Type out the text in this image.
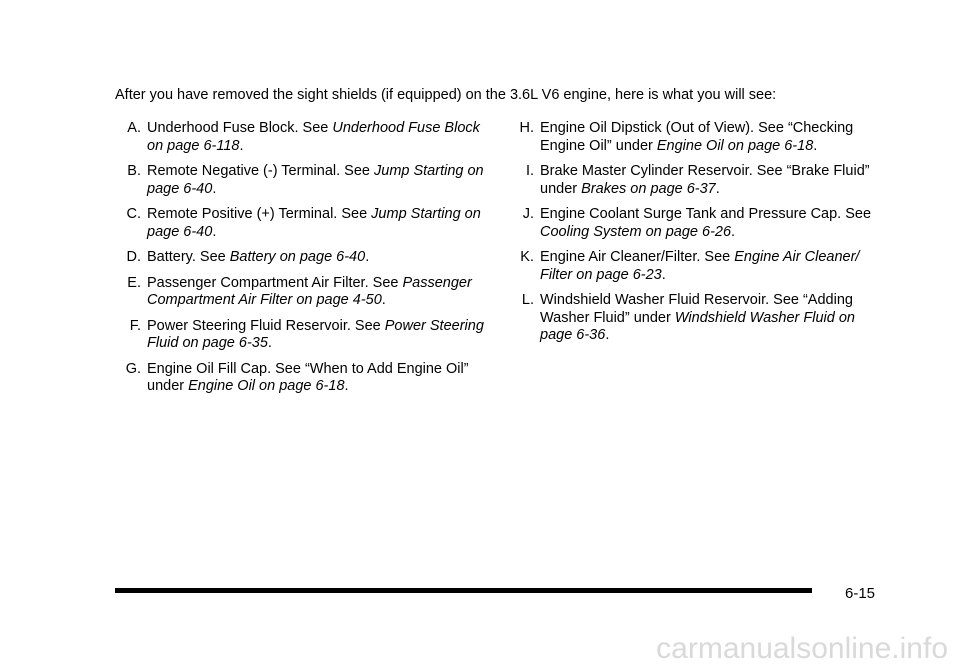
After you have removed the sight shields (if equipped) on the 3.6L V6 engine, here is what you will see:
A. Underhood Fuse Block. See Underhood Fuse Block on page 6‑118.
B. Remote Negative (-) Terminal. See Jump Starting on page 6‑40.
C. Remote Positive (+) Terminal. See Jump Starting on page 6‑40.
D. Battery. See Battery on page 6‑40.
E. Passenger Compartment Air Filter. See Passenger Compartment Air Filter on page 4‑50.
F. Power Steering Fluid Reservoir. See Power Steering Fluid on page 6‑35.
G. Engine Oil Fill Cap. See “When to Add Engine Oil” under Engine Oil on page 6‑18.
H. Engine Oil Dipstick (Out of View). See “Checking Engine Oil” under Engine Oil on page 6‑18.
I. Brake Master Cylinder Reservoir. See “Brake Fluid” under Brakes on page 6‑37.
J. Engine Coolant Surge Tank and Pressure Cap. See Cooling System on page 6‑26.
K. Engine Air Cleaner/Filter. See Engine Air Cleaner/ Filter on page 6‑23.
L. Windshield Washer Fluid Reservoir. See “Adding Washer Fluid” under Windshield Washer Fluid on page 6‑36.
6-15
carmanualsonline.info
